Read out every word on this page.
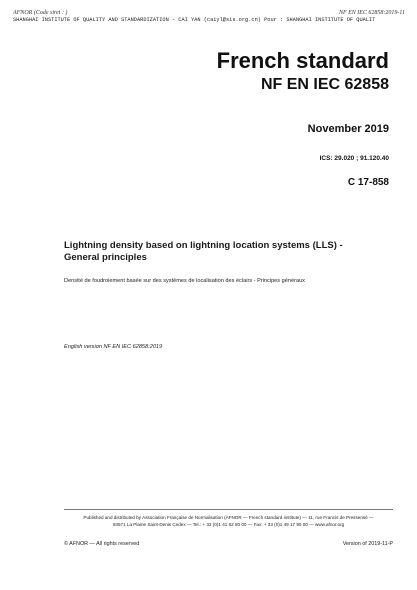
AFNOR (Code siret : )	NF EN IEC 62858:2019-11
SHANGHAI INSTITUTE OF QUALITY AND STANDARDIZATION - CAI YAN (caiyl@sis.org.cn) Pour : SHANGHAI INSTITUTE OF QUALIT
French standard
NF EN IEC 62858
November 2019
ICS: 29.020 ; 91.120.40
C 17-858
Lightning density based on lightning location systems (LLS) -
General principles
Densité de foudroiement basée sur des systèmes de localisation des éclairs - Principes généraux
English version NF EN IEC 62858:2019
Published and distributed by Association Française de Normalisation (AFNOR — French standard institute) — 11, rue Francis de Pressensé —
93571 La Plaine Saint-Denis Cedex — Tel.: + 33 (0)1 41 62 80 00 — Fax: + 33 (0)1 49 17 90 00 — www.afnor.org
© AFNOR — All rights reserved	Version of 2019-11-P
